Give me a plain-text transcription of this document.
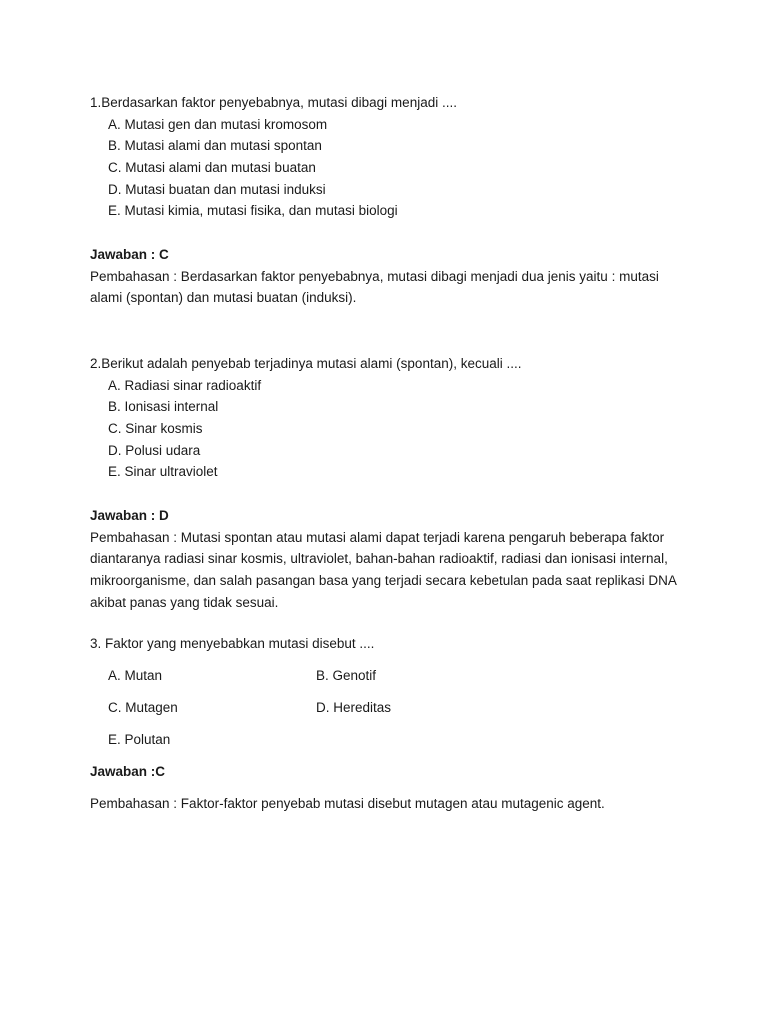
1.Berdasarkan faktor penyebabnya, mutasi dibagi menjadi ....
A. Mutasi gen dan mutasi kromosom
B. Mutasi alami dan mutasi spontan
C. Mutasi alami dan mutasi buatan
D. Mutasi buatan dan mutasi induksi
E. Mutasi kimia, mutasi fisika, dan mutasi biologi
Jawaban : C
Pembahasan : Berdasarkan faktor penyebabnya, mutasi dibagi menjadi dua jenis yaitu : mutasi alami (spontan) dan mutasi buatan (induksi).
2.Berikut adalah penyebab terjadinya mutasi alami (spontan), kecuali ....
A. Radiasi sinar radioaktif
B. Ionisasi internal
C. Sinar kosmis
D. Polusi udara
E. Sinar ultraviolet
Jawaban : D
Pembahasan : Mutasi spontan atau mutasi alami dapat terjadi karena pengaruh beberapa faktor diantaranya radiasi sinar kosmis, ultraviolet, bahan-bahan radioaktif, radiasi dan ionisasi internal, mikroorganisme, dan salah pasangan basa yang terjadi secara kebetulan pada saat replikasi DNA akibat panas yang tidak sesuai.
3. Faktor yang menyebabkan mutasi disebut ....
A. Mutan	B. Genotif
C. Mutagen	D. Hereditas
E. Polutan
Jawaban :C
Pembahasan : Faktor-faktor penyebab mutasi disebut mutagen atau mutagenic agent.
